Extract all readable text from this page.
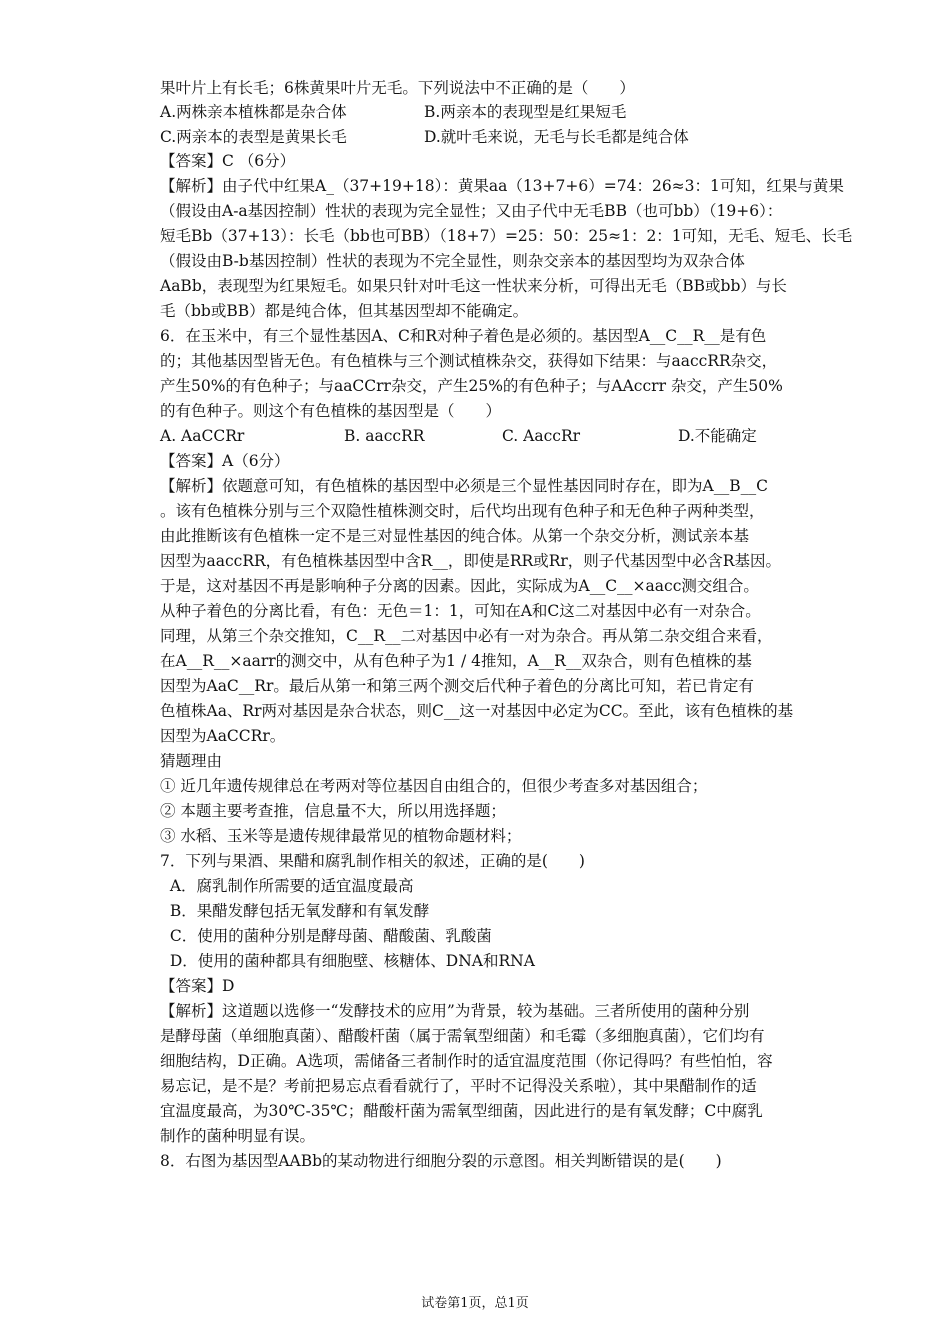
果叶片上有长毛；6株黄果叶片无毛。下列说法中不正确的是（　　）
A.两株亲本植株都是杂合体	B.两亲本的表现型是红果短毛
C.两亲本的表型是黄果长毛	D.就叶毛来说，无毛与长毛都是纯合体
【答案】C （6分）
【解析】由子代中红果A_（37+19+18）：黄果aa（13+7+6）=74：26≈3：1可知，红果与黄果
（假设由A-a基因控制）性状的表现为完全显性；又由子代中无毛BB（也可bb）（19+6）：
短毛Bb（37+13）：长毛（bb也可BB）（18+7）=25：50：25≈1：2：1可知，无毛、短毛、长毛
（假设由B-b基因控制）性状的表现为不完全显性，则杂交亲本的基因型均为双杂合体
AaBb，表现型为红果短毛。如果只针对叶毛这一性状来分析，可得出无毛（BB或bb）与长
毛（bb或BB）都是纯合体，但其基因型却不能确定。
6．在玉米中，有三个显性基因A、C和R对种子着色是必须的。基因型A__C__R__是有色
的；其他基因型皆无色。有色植株与三个测试植株杂交，获得如下结果：与aaccRR杂交，
产生50%的有色种子；与aaCCrr杂交，产生25%的有色种子；与AAccrr 杂交，产生50%
的有色种子。则这个有色植株的基因型是（　　）
A. AaCCRr	B. aaccRR	C. AaccRr	D.不能确定
【答案】A（6分）
【解析】依题意可知，有色植株的基因型中必须是三个显性基因同时存在，即为A__B__C
。该有色植株分别与三个双隐性植株测交时，后代均出现有色种子和无色种子两种类型，
由此推断该有色植株一定不是三对显性基因的纯合体。从第一个杂交分析，测试亲本基
因型为aaccRR，有色植株基因型中含R__，即使是RR或Rr，则子代基因型中必含R基因。
于是，这对基因不再是影响种子分离的因素。因此，实际成为A__C__×aacc测交组合。
从种子着色的分离比看，有色：无色＝1：1，可知在A和C这二对基因中必有一对杂合。
同理，从第三个杂交推知，C__R__二对基因中必有一对为杂合。再从第二杂交组合来看，
在A__R__×aarr的测交中，从有色种子为1 / 4推知，A__R__双杂合，则有色植株的基
因型为AaC__Rr。最后从第一和第三两个测交后代种子着色的分离比可知，若已肯定有
色植株Aa、Rr两对基因是杂合状态，则C__这一对基因中必定为CC。至此，该有色植株的基
因型为AaCCRr。
猜题理由
① 近几年遗传规律总在考两对等位基因自由组合的，但很少考查多对基因组合；
② 本题主要考查推，信息量不大，所以用选择题；
③ 水稻、玉米等是遗传规律最常见的植物命题材料；
7．下列与果酒、果醋和腐乳制作相关的叙述，正确的是(　　)
A．腐乳制作所需要的适宜温度最高
B．果醋发酵包括无氧发酵和有氧发酵
C．使用的菌种分别是酵母菌、醋酸菌、乳酸菌
D．使用的菌种都具有细胞壁、核糖体、DNA和RNA
【答案】D
【解析】这道题以选修一“发酵技术的应用”为背景，较为基础。三者所使用的菌种分别
是酵母菌（单细胞真菌）、醋酸杆菌（属于需氧型细菌）和毛霉（多细胞真菌），它们均有
细胞结构，D正确。A选项，需储备三者制作时的适宜温度范围（你记得吗？有些怕怕，容
易忘记，是不是？考前把易忘点看看就行了，平时不记得没关系啦），其中果醋制作的适
宜温度最高，为30℃-35℃；醋酸杆菌为需氧型细菌，因此进行的是有氧发酵；C中腐乳
制作的菌种明显有误。
8．右图为基因型AABb的某动物进行细胞分裂的示意图。相关判断错误的是(　　)
试卷第1页，总1页
